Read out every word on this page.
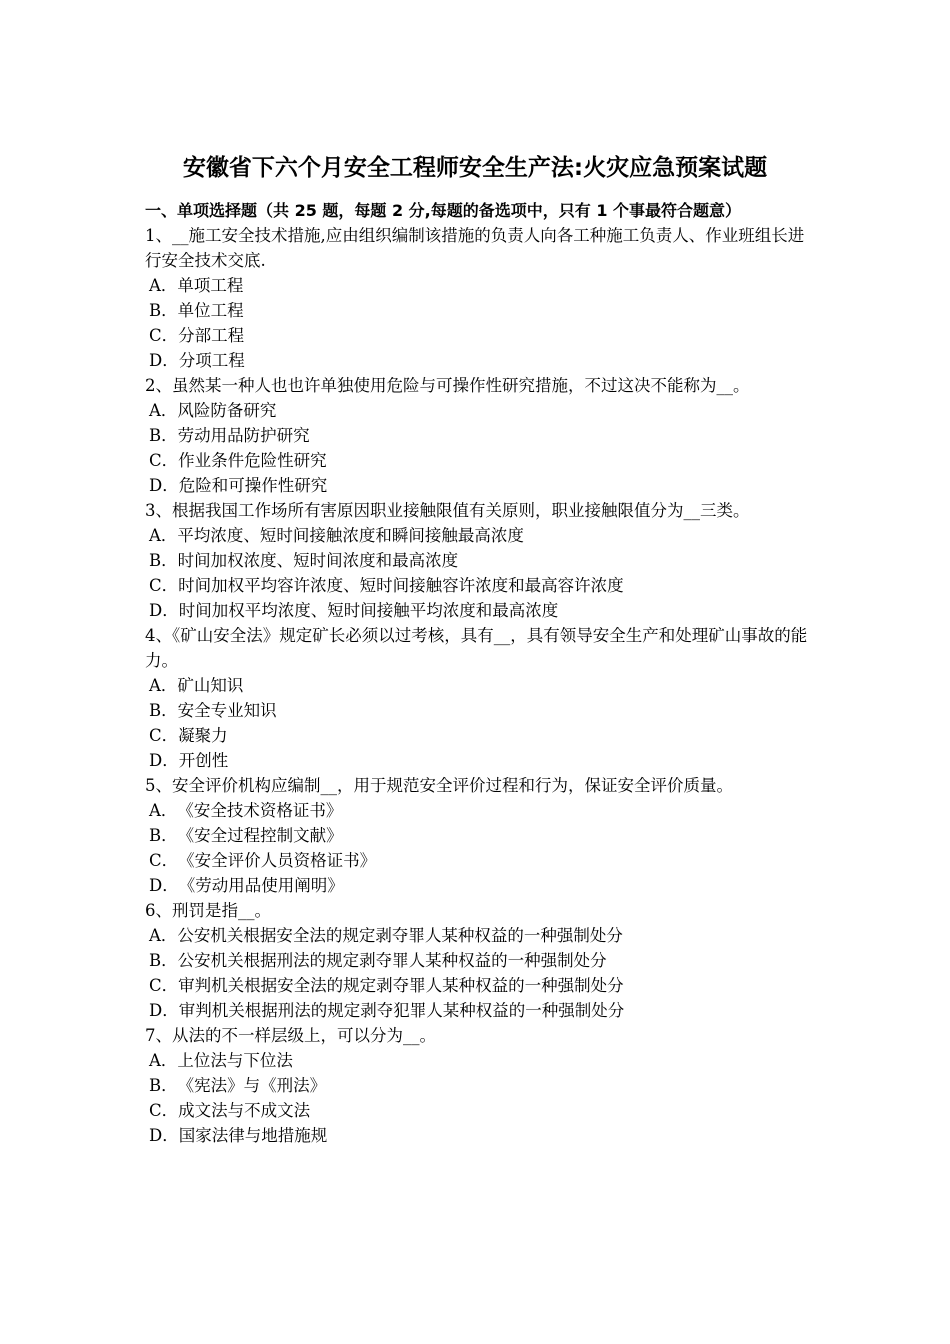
安徽省下六个月安全工程师安全生产法:火灾应急预案试题
一、单项选择题（共 25 题，每题 2 分,每题的备选项中，只有 1 个事最符合题意）
1、__施工安全技术措施,应由组织编制该措施的负责人向各工种施工负责人、作业班组长进行安全技术交底.
A．单项工程
B．单位工程
C．分部工程
D．分项工程
2、虽然某一种人也也许单独使用危险与可操作性研究措施，不过这决不能称为__。
A．风险防备研究
B．劳动用品防护研究
C．作业条件危险性研究
D．危险和可操作性研究
3、根据我国工作场所有害原因职业接触限值有关原则，职业接触限值分为__三类。
A．平均浓度、短时间接触浓度和瞬间接触最高浓度
B．时间加权浓度、短时间浓度和最高浓度
C．时间加权平均容许浓度、短时间接触容许浓度和最高容许浓度
D．时间加权平均浓度、短时间接触平均浓度和最高浓度
4、《矿山安全法》规定矿长必须以过考核，具有__，具有领导安全生产和处理矿山事故的能力。
A．矿山知识
B．安全专业知识
C．凝聚力
D．开创性
5、安全评价机构应编制__，用于规范安全评价过程和行为，保证安全评价质量。
A．《安全技术资格证书》
B．《安全过程控制文献》
C．《安全评价人员资格证书》
D．《劳动用品使用阐明》
6、刑罚是指__。
A．公安机关根据安全法的规定剥夺罪人某种权益的一种强制处分
B．公安机关根据刑法的规定剥夺罪人某种权益的一种强制处分
C．审判机关根据安全法的规定剥夺罪人某种权益的一种强制处分
D．审判机关根据刑法的规定剥夺犯罪人某种权益的一种强制处分
7、从法的不一样层级上，可以分为__。
A．上位法与下位法
B．《宪法》与《刑法》
C．成文法与不成文法
D．国家法律与地措施规
